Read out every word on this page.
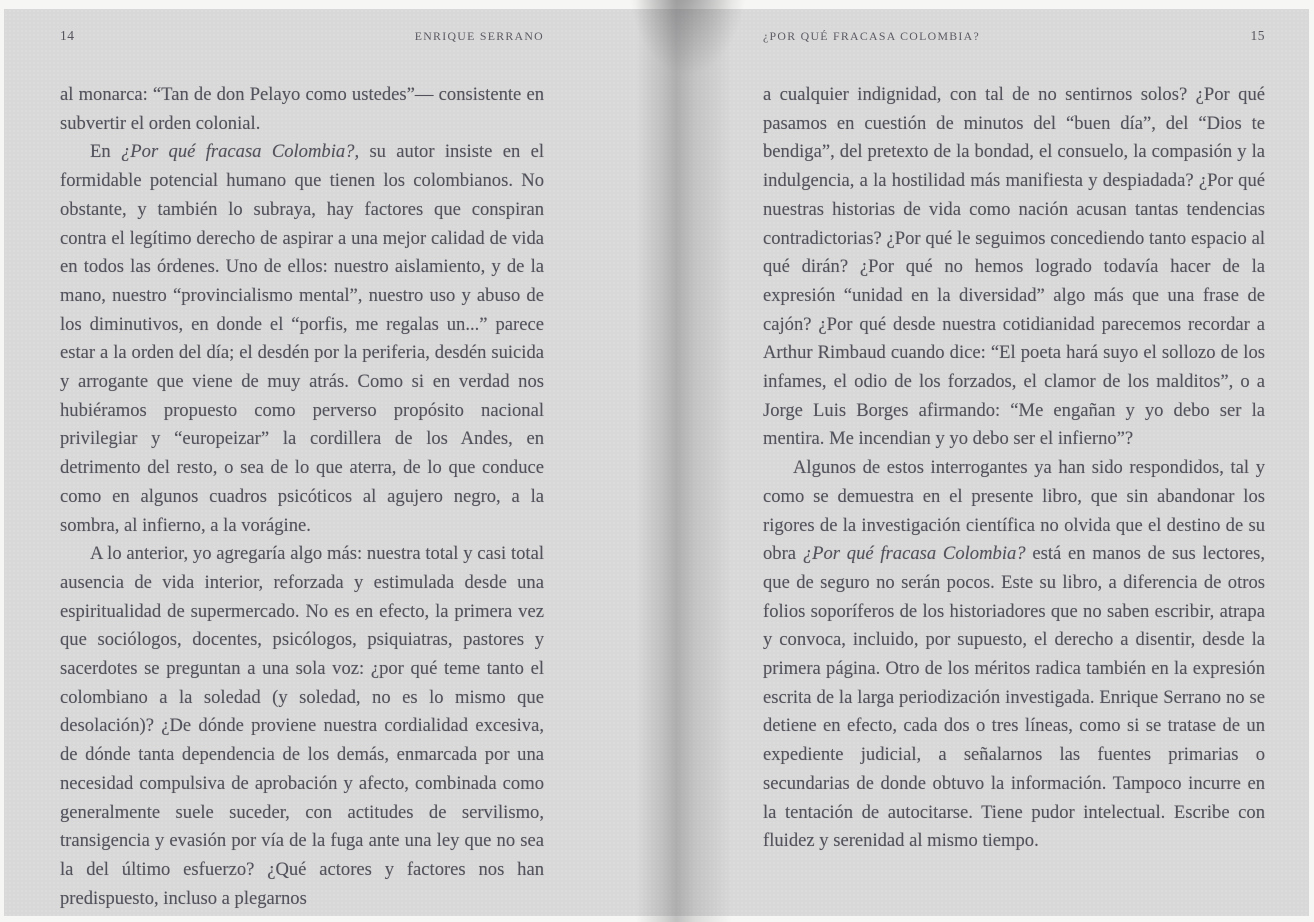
14	ENRIQUE SERRANO

al monarca: “Tan de don Pelayo como ustedes”— consistente en subvertir el orden colonial.

En ¿Por qué fracasa Colombia?, su autor insiste en el formidable potencial humano que tienen los colombianos. No obstante, y también lo subraya, hay factores que conspiran contra el legítimo derecho de aspirar a una mejor calidad de vida en todos las órdenes. Uno de ellos: nuestro aislamiento, y de la mano, nuestro “provincialismo mental”, nuestro uso y abuso de los diminutivos, en donde el “porfis, me regalas un...” parece estar a la orden del día; el desdén por la periferia, desdén suicida y arrogante que viene de muy atrás. Como si en verdad nos hubiéramos propuesto como perverso propósito nacional privilegiar y “europeizar” la cordillera de los Andes, en detrimento del resto, o sea de lo que aterra, de lo que conduce como en algunos cuadros psicóticos al agujero negro, a la sombra, al infierno, a la vorágine.

A lo anterior, yo agregaría algo más: nuestra total y casi total ausencia de vida interior, reforzada y estimulada desde una espiritualidad de supermercado. No es en efecto, la primera vez que sociólogos, docentes, psicólogos, psiquiatras, pastores y sacerdotes se preguntan a una sola voz: ¿por qué teme tanto el colombiano a la soledad (y soledad, no es lo mismo que desolación)? ¿De dónde proviene nuestra cordialidad excesiva, de dónde tanta dependencia de los demás, enmarcada por una necesidad compulsiva de aprobación y afecto, combinada como generalmente suele suceder, con actitudes de servilismo, transigencia y evasión por vía de la fuga ante una ley que no sea la del último esfuerzo? ¿Qué actores y factores nos han predispuesto, incluso a plegarnos

¿POR QUÉ FRACASA COLOMBIA?	15

a cualquier indignidad, con tal de no sentirnos solos? ¿Por qué pasamos en cuestión de minutos del “buen día”, del “Dios te bendiga”, del pretexto de la bondad, el consuelo, la compasión y la indulgencia, a la hostilidad más manifiesta y despiadada? ¿Por qué nuestras historias de vida como nación acusan tantas tendencias contradictorias? ¿Por qué le seguimos concediendo tanto espacio al qué dirán? ¿Por qué no hemos logrado todavía hacer de la expresión “unidad en la diversidad” algo más que una frase de cajón? ¿Por qué desde nuestra cotidianidad parecemos recordar a Arthur Rimbaud cuando dice: “El poeta hará suyo el sollozo de los infames, el odio de los forzados, el clamor de los malditos”, o a Jorge Luis Borges afirmando: “Me engañan y yo debo ser la mentira. Me incendian y yo debo ser el infierno”?

Algunos de estos interrogantes ya han sido respondidos, tal y como se demuestra en el presente libro, que sin abandonar los rigores de la investigación científica no olvida que el destino de su obra ¿Por qué fracasa Colombia? está en manos de sus lectores, que de seguro no serán pocos. Este su libro, a diferencia de otros folios soporíferos de los historiadores que no saben escribir, atrapa y convoca, incluido, por supuesto, el derecho a disentir, desde la primera página. Otro de los méritos radica también en la expresión escrita de la larga periodización investigada. Enrique Serrano no se detiene en efecto, cada dos o tres líneas, como si se tratase de un expediente judicial, a señalarnos las fuentes primarias o secundarias de donde obtuvo la información. Tampoco incurre en la tentación de autocitarse. Tiene pudor intelectual. Escribe con fluidez y serenidad al mismo tiempo.
